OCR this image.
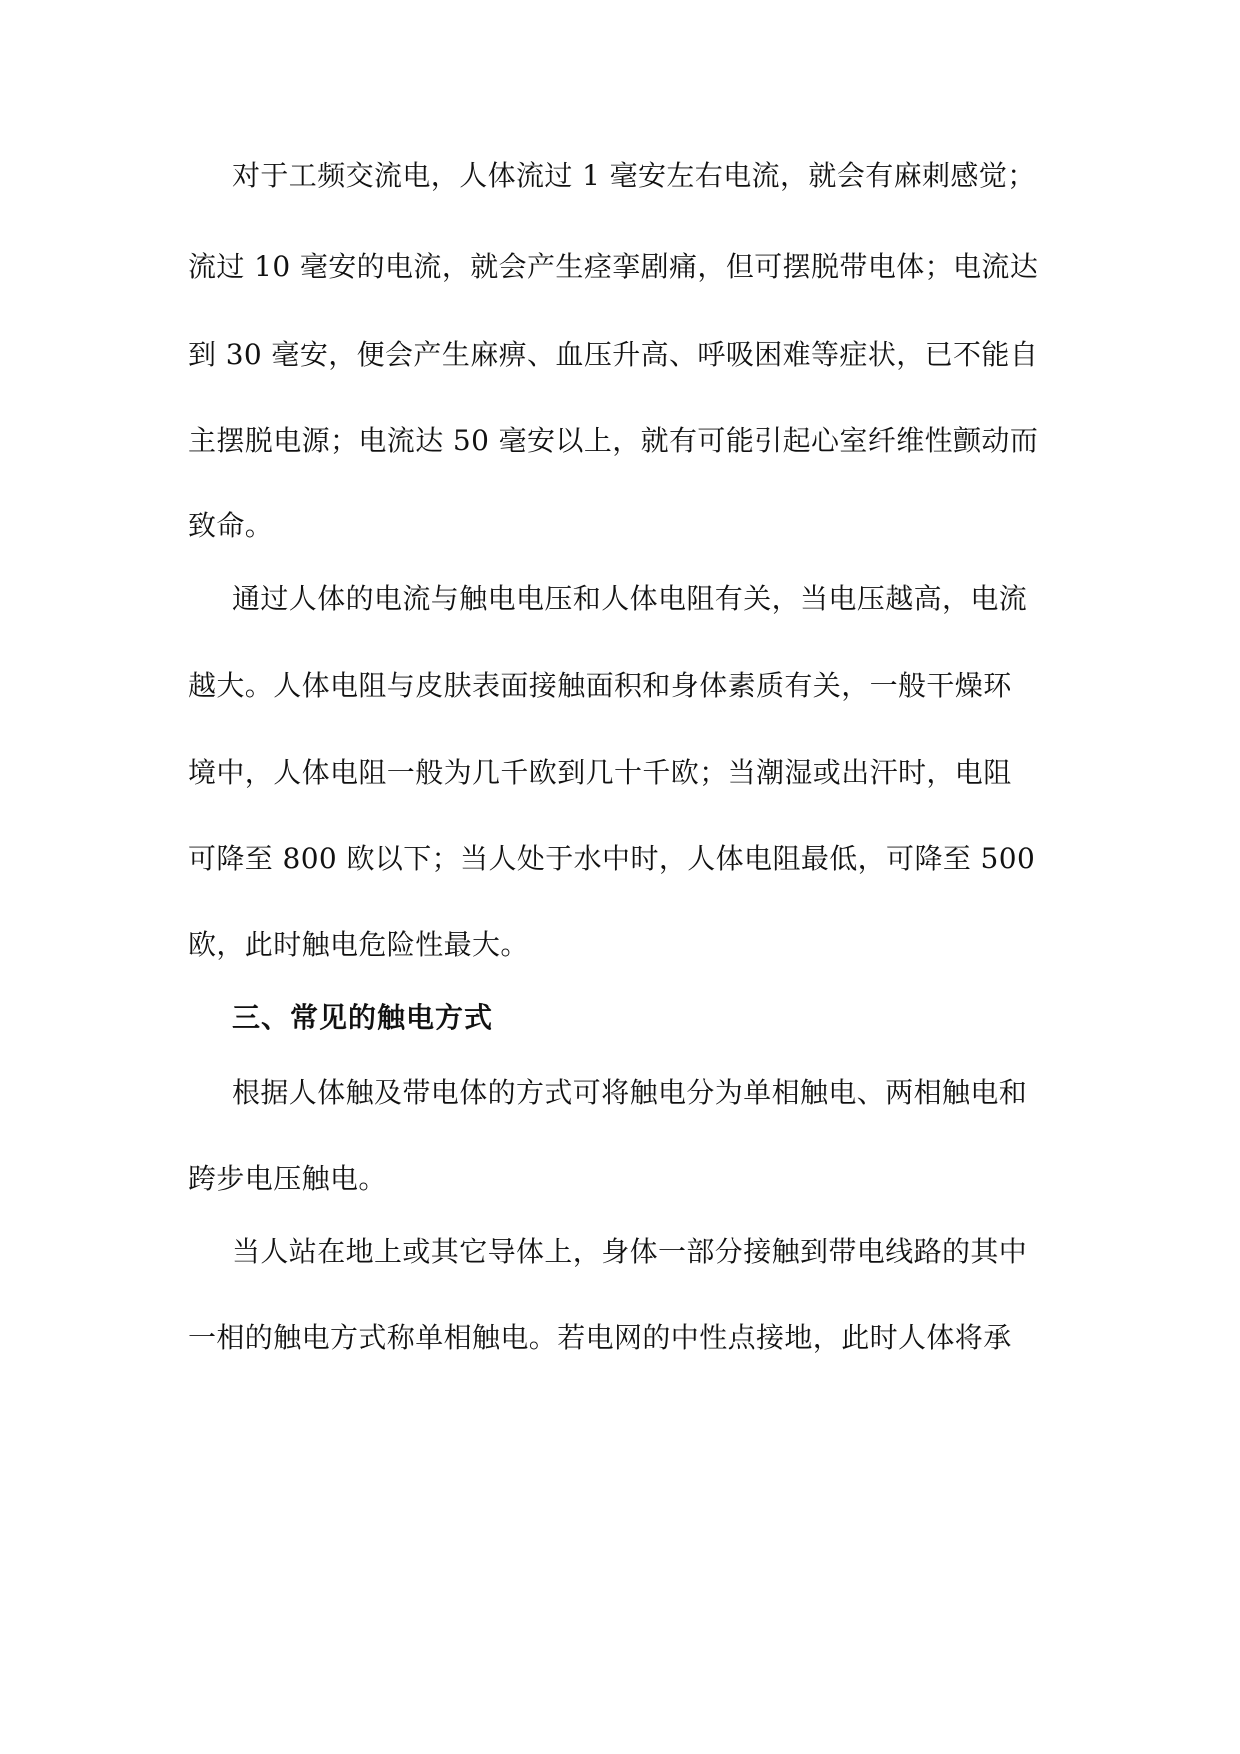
对于工频交流电，人体流过 1 毫安左右电流，就会有麻刺感觉；
流过 10 毫安的电流，就会产生痉挛剧痛，但可摆脱带电体；电流达
到 30 毫安，便会产生麻痹、血压升高、呼吸困难等症状，已不能自
主摆脱电源；电流达 50 毫安以上，就有可能引起心室纤维性颤动而
致命。
通过人体的电流与触电电压和人体电阻有关，当电压越高，电流
越大。人体电阻与皮肤表面接触面积和身体素质有关，一般干燥环
境中，人体电阻一般为几千欧到几十千欧；当潮湿或出汗时，电阻
可降至 800 欧以下；当人处于水中时，人体电阻最低，可降至 500
欧，此时触电危险性最大。
三、常见的触电方式
根据人体触及带电体的方式可将触电分为单相触电、两相触电和
跨步电压触电。
当人站在地上或其它导体上，身体一部分接触到带电线路的其中
一相的触电方式称单相触电。若电网的中性点接地，此时人体将承
